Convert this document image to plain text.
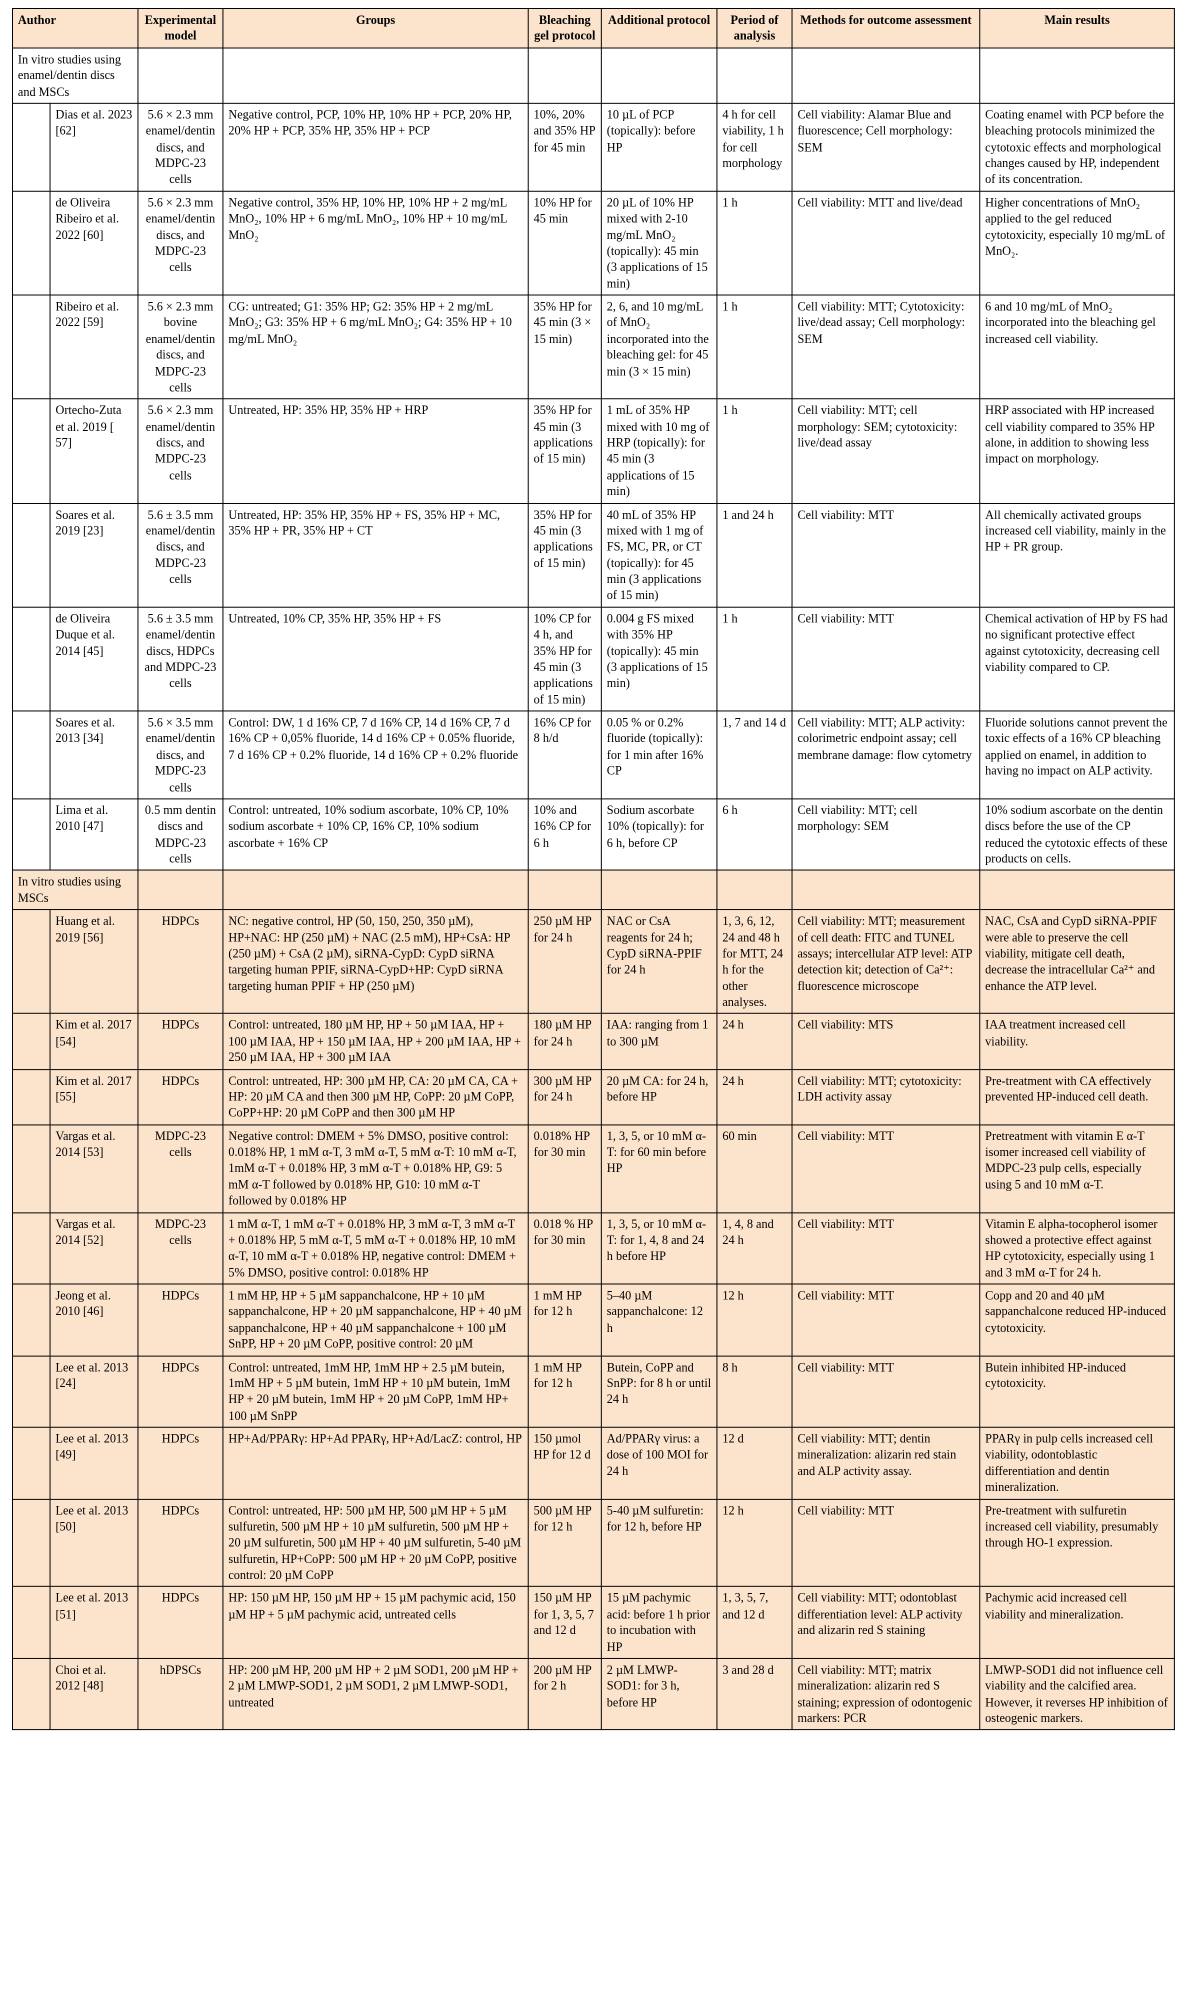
Author		Experimental model	Groups	Bleaching gel protocol	Additional protocol	Period of analysis	Methods for outcome assessment	Main results
In vitro studies using enamel/dentin discs and MSCs								
	Dias et al. 2023 [62]	5.6 × 2.3 mm enamel/dentin discs, and MDPC-23 cells	Negative control, PCP, 10% HP, 10% HP + PCP, 20% HP, 20% HP + PCP, 35% HP, 35% HP + PCP	10%, 20% and 35% HP for 45 min	10 µL of PCP (topically): before HP	4 h for cell viability, 1 h for cell morphology	Cell viability: Alamar Blue and fluorescence; Cell morphology: SEM	Coating enamel with PCP before the bleaching protocols minimized the cytotoxic effects and morphological changes caused by HP, independent of its concentration.
	de Oliveira Ribeiro et al. 2022 [60]	5.6 × 2.3 mm enamel/dentin discs, and MDPC-23 cells	Negative control, 35% HP, 10% HP, 10% HP + 2 mg/mL MnO₂, 10% HP + 6 mg/mL MnO₂, 10% HP + 10 mg/mL MnO₂	10% HP for 45 min	20 µL of 10% HP mixed with 2-10 mg/mL MnO₂ (topically): 45 min (3 applications of 15 min)	1 h	Cell viability: MTT and live/dead	Higher concentrations of MnO₂ applied to the gel reduced cytotoxicity, especially 10 mg/mL of MnO₂.
	Ribeiro et al. 2022 [59]	5.6 × 2.3 mm bovine enamel/dentin discs, and MDPC-23 cells	CG: untreated; G1: 35% HP; G2: 35% HP + 2 mg/mL MnO₂; G3: 35% HP + 6 mg/mL MnO₂; G4: 35% HP + 10 mg/mL MnO₂	35% HP for 45 min (3 × 15 min)	2, 6, and 10 mg/mL of MnO₂ incorporated into the bleaching gel: for 45 min (3 × 15 min)	1 h	Cell viability: MTT; Cytotoxicity: live/dead assay; Cell morphology: SEM	6 and 10 mg/mL of MnO₂ incorporated into the bleaching gel increased cell viability.
	Ortecho-Zuta et al. 2019 [ 57]	5.6 × 2.3 mm enamel/dentin discs, and MDPC-23 cells	Untreated, HP: 35% HP, 35% HP + HRP	35% HP for 45 min (3 applications of 15 min)	1 mL of 35% HP mixed with 10 mg of HRP (topically): for 45 min (3 applications of 15 min)	1 h	Cell viability: MTT; cell morphology: SEM; cytotoxicity: live/dead assay	HRP associated with HP increased cell viability compared to 35% HP alone, in addition to showing less impact on morphology.
	Soares et al. 2019 [23]	5.6 ± 3.5 mm enamel/dentin discs, and MDPC-23 cells	Untreated, HP: 35% HP, 35% HP + FS, 35% HP + MC, 35% HP + PR, 35% HP + CT	35% HP for 45 min (3 applications of 15 min)	40 mL of 35% HP mixed with 1 mg of FS, MC, PR, or CT (topically): for 45 min (3 applications of 15 min)	1 and 24 h	Cell viability: MTT	All chemically activated groups increased cell viability, mainly in the HP + PR group.
	de Oliveira Duque et al. 2014 [45]	5.6 ± 3.5 mm enamel/dentin discs, HDPCs and MDPC-23 cells	Untreated, 10% CP, 35% HP, 35% HP + FS	10% CP for 4 h, and 35% HP for 45 min (3 applications of 15 min)	0.004 g FS mixed with 35% HP (topically): 45 min (3 applications of 15 min)	1 h	Cell viability: MTT	Chemical activation of HP by FS had no significant protective effect against cytotoxicity, decreasing cell viability compared to CP.
	Soares et al. 2013 [34]	5.6 × 3.5 mm enamel/dentin discs, and MDPC-23 cells	Control: DW, 1 d 16% CP, 7 d 16% CP, 14 d 16% CP, 7 d 16% CP + 0,05% fluoride, 14 d 16% CP + 0.05% fluoride, 7 d 16% CP + 0.2% fluoride, 14 d 16% CP + 0.2% fluoride	16% CP for 8 h/d	0.05 % or 0.2% fluoride (topically): for 1 min after 16% CP	1, 7 and 14 d	Cell viability: MTT; ALP activity: colorimetric endpoint assay; cell membrane damage: flow cytometry	Fluoride solutions cannot prevent the toxic effects of a 16% CP bleaching applied on enamel, in addition to having no impact on ALP activity.
	Lima et al. 2010 [47]	0.5 mm dentin discs and MDPC-23 cells	Control: untreated, 10% sodium ascorbate, 10% CP, 10% sodium ascorbate + 10% CP, 16% CP, 10% sodium ascorbate + 16% CP	10% and 16% CP for 6 h	Sodium ascorbate 10% (topically): for 6 h, before CP	6 h	Cell viability: MTT; cell morphology: SEM	10% sodium ascorbate on the dentin discs before the use of the CP reduced the cytotoxic effects of these products on cells.
In vitro studies using MSCs								
	Huang et al. 2019 [56]	HDPCs	NC: negative control, HP (50, 150, 250, 350 µM), HP+NAC: HP (250 µM) + NAC (2.5 mM), HP+CsA: HP (250 µM) + CsA (2 µM), siRNA-CypD: CypD siRNA targeting human PPIF, siRNA-CypD+HP: CypD siRNA targeting human PPIF + HP (250 µM)	250 µM HP for 24 h	NAC or CsA reagents for 24 h; CypD siRNA-PPIF for 24 h	1, 3, 6, 12, 24 and 48 h for MTT, 24 h for the other analyses.	Cell viability: MTT; measurement of cell death: FITC and TUNEL assays; intercellular ATP level: ATP detection kit; detection of Ca²⁺: fluorescence microscope	NAC, CsA and CypD siRNA-PPIF were able to preserve the cell viability, mitigate cell death, decrease the intracellular Ca²⁺ and enhance the ATP level.
	Kim et al. 2017 [54]	HDPCs	Control: untreated, 180 µM HP, HP + 50 µM IAA, HP + 100 µM IAA, HP + 150 µM IAA, HP + 200 µM IAA, HP + 250 µM IAA, HP + 300 µM IAA	180 µM HP for 24 h	IAA: ranging from 1 to 300 µM	24 h	Cell viability: MTS	IAA treatment increased cell viability.
	Kim et al. 2017 [55]	HDPCs	Control: untreated, HP: 300 µM HP, CA: 20 µM CA, CA + HP: 20 µM CA and then 300 µM HP, CoPP: 20 µM CoPP, CoPP+HP: 20 µM CoPP and then 300 µM HP	300 µM HP for 24 h	20 µM CA: for 24 h, before HP	24 h	Cell viability: MTT; cytotoxicity: LDH activity assay	Pre-treatment with CA effectively prevented HP-induced cell death.
	Vargas et al. 2014 [53]	MDPC-23 cells	Negative control: DMEM + 5% DMSO, positive control: 0.018% HP, 1 mM α-T, 3 mM α-T, 5 mM α-T: 10 mM α-T, 1mM α-T + 0.018% HP, 3 mM α-T + 0.018% HP, G9: 5 mM α-T followed by 0.018% HP, G10: 10 mM α-T followed by 0.018% HP	0.018% HP for 30 min	1, 3, 5, or 10 mM α-T: for 60 min before HP	60 min	Cell viability: MTT	Pretreatment with vitamin E α-T isomer increased cell viability of MDPC-23 pulp cells, especially using 5 and 10 mM α-T.
	Vargas et al. 2014 [52]	MDPC-23 cells	1 mM α-T, 1 mM α-T + 0.018% HP, 3 mM α-T, 3 mM α-T + 0.018% HP, 5 mM α-T, 5 mM α-T + 0.018% HP, 10 mM α-T, 10 mM α-T + 0.018% HP, negative control: DMEM + 5% DMSO, positive control: 0.018% HP	0.018 % HP for 30 min	1, 3, 5, or 10 mM α-T: for 1, 4, 8 and 24 h before HP	1, 4, 8 and 24 h	Cell viability: MTT	Vitamin E alpha-tocopherol isomer showed a protective effect against HP cytotoxicity, especially using 1 and 3 mM α-T for 24 h.
	Jeong et al. 2010 [46]	HDPCs	1 mM HP, HP + 5 µM sappanchalcone, HP + 10 µM sappanchalcone, HP + 20 µM sappanchalcone, HP + 40 µM sappanchalcone, HP + 40 µM sappanchalcone + 100 µM SnPP, HP + 20 µM CoPP, positive control: 20 µM	1 mM HP for 12 h	5–40 µM sappanchalcone: 12 h	12 h	Cell viability: MTT	Copp and 20 and 40 µM sappanchalcone reduced HP-induced cytotoxicity.
	Lee et al. 2013 [24]	HDPCs	Control: untreated, 1mM HP, 1mM HP + 2.5 µM butein, 1mM HP + 5 µM butein, 1mM HP + 10 µM butein, 1mM HP + 20 µM butein, 1mM HP + 20 µM CoPP, 1mM HP+ 100 µM SnPP	1 mM HP for 12 h	Butein, CoPP and SnPP: for 8 h or until 24 h	8 h	Cell viability: MTT	Butein inhibited HP-induced cytotoxicity.
	Lee et al. 2013 [49]	HDPCs	HP+Ad/PPARγ: HP+Ad PPARγ, HP+Ad/LacZ: control, HP	150 µmol HP for 12 d	Ad/PPARγ virus: a dose of 100 MOI for 24 h	12 d	Cell viability: MTT; dentin mineralization: alizarin red stain and ALP activity assay.	PPARγ in pulp cells increased cell viability, odontoblastic differentiation and dentin mineralization.
	Lee et al. 2013 [50]	HDPCs	Control: untreated, HP: 500 µM HP, 500 µM HP + 5 µM sulfuretin, 500 µM HP + 10 µM sulfuretin, 500 µM HP + 20 µM sulfuretin, 500 µM HP + 40 µM sulfuretin, 5-40 µM sulfuretin, HP+CoPP: 500 µM HP + 20 µM CoPP, positive control: 20 µM CoPP	500 µM HP for 12 h	5-40 µM sulfuretin: for 12 h, before HP	12 h	Cell viability: MTT	Pre-treatment with sulfuretin increased cell viability, presumably through HO-1 expression.
	Lee et al. 2013 [51]	HDPCs	HP: 150 µM HP, 150 µM HP + 15 µM pachymic acid, 150 µM HP + 5 µM pachymic acid, untreated cells	150 µM HP for 1, 3, 5, 7 and 12 d	15 µM pachymic acid: before 1 h prior to incubation with HP	1, 3, 5, 7, and 12 d	Cell viability: MTT; odontoblast differentiation level: ALP activity and alizarin red S staining	Pachymic acid increased cell viability and mineralization.
	Choi et al. 2012 [48]	hDPSCs	HP: 200 µM HP, 200 µM HP + 2 µM SOD1, 200 µM HP + 2 µM LMWP-SOD1, 2 µM SOD1, 2 µM LMWP-SOD1, untreated	200 µM HP for 2 h	2 µM LMWP-SOD1: for 3 h, before HP	3 and 28 d	Cell viability: MTT; matrix mineralization: alizarin red S staining; expression of odontogenic markers: PCR	LMWP-SOD1 did not influence cell viability and the calcified area. However, it reverses HP inhibition of osteogenic markers.
